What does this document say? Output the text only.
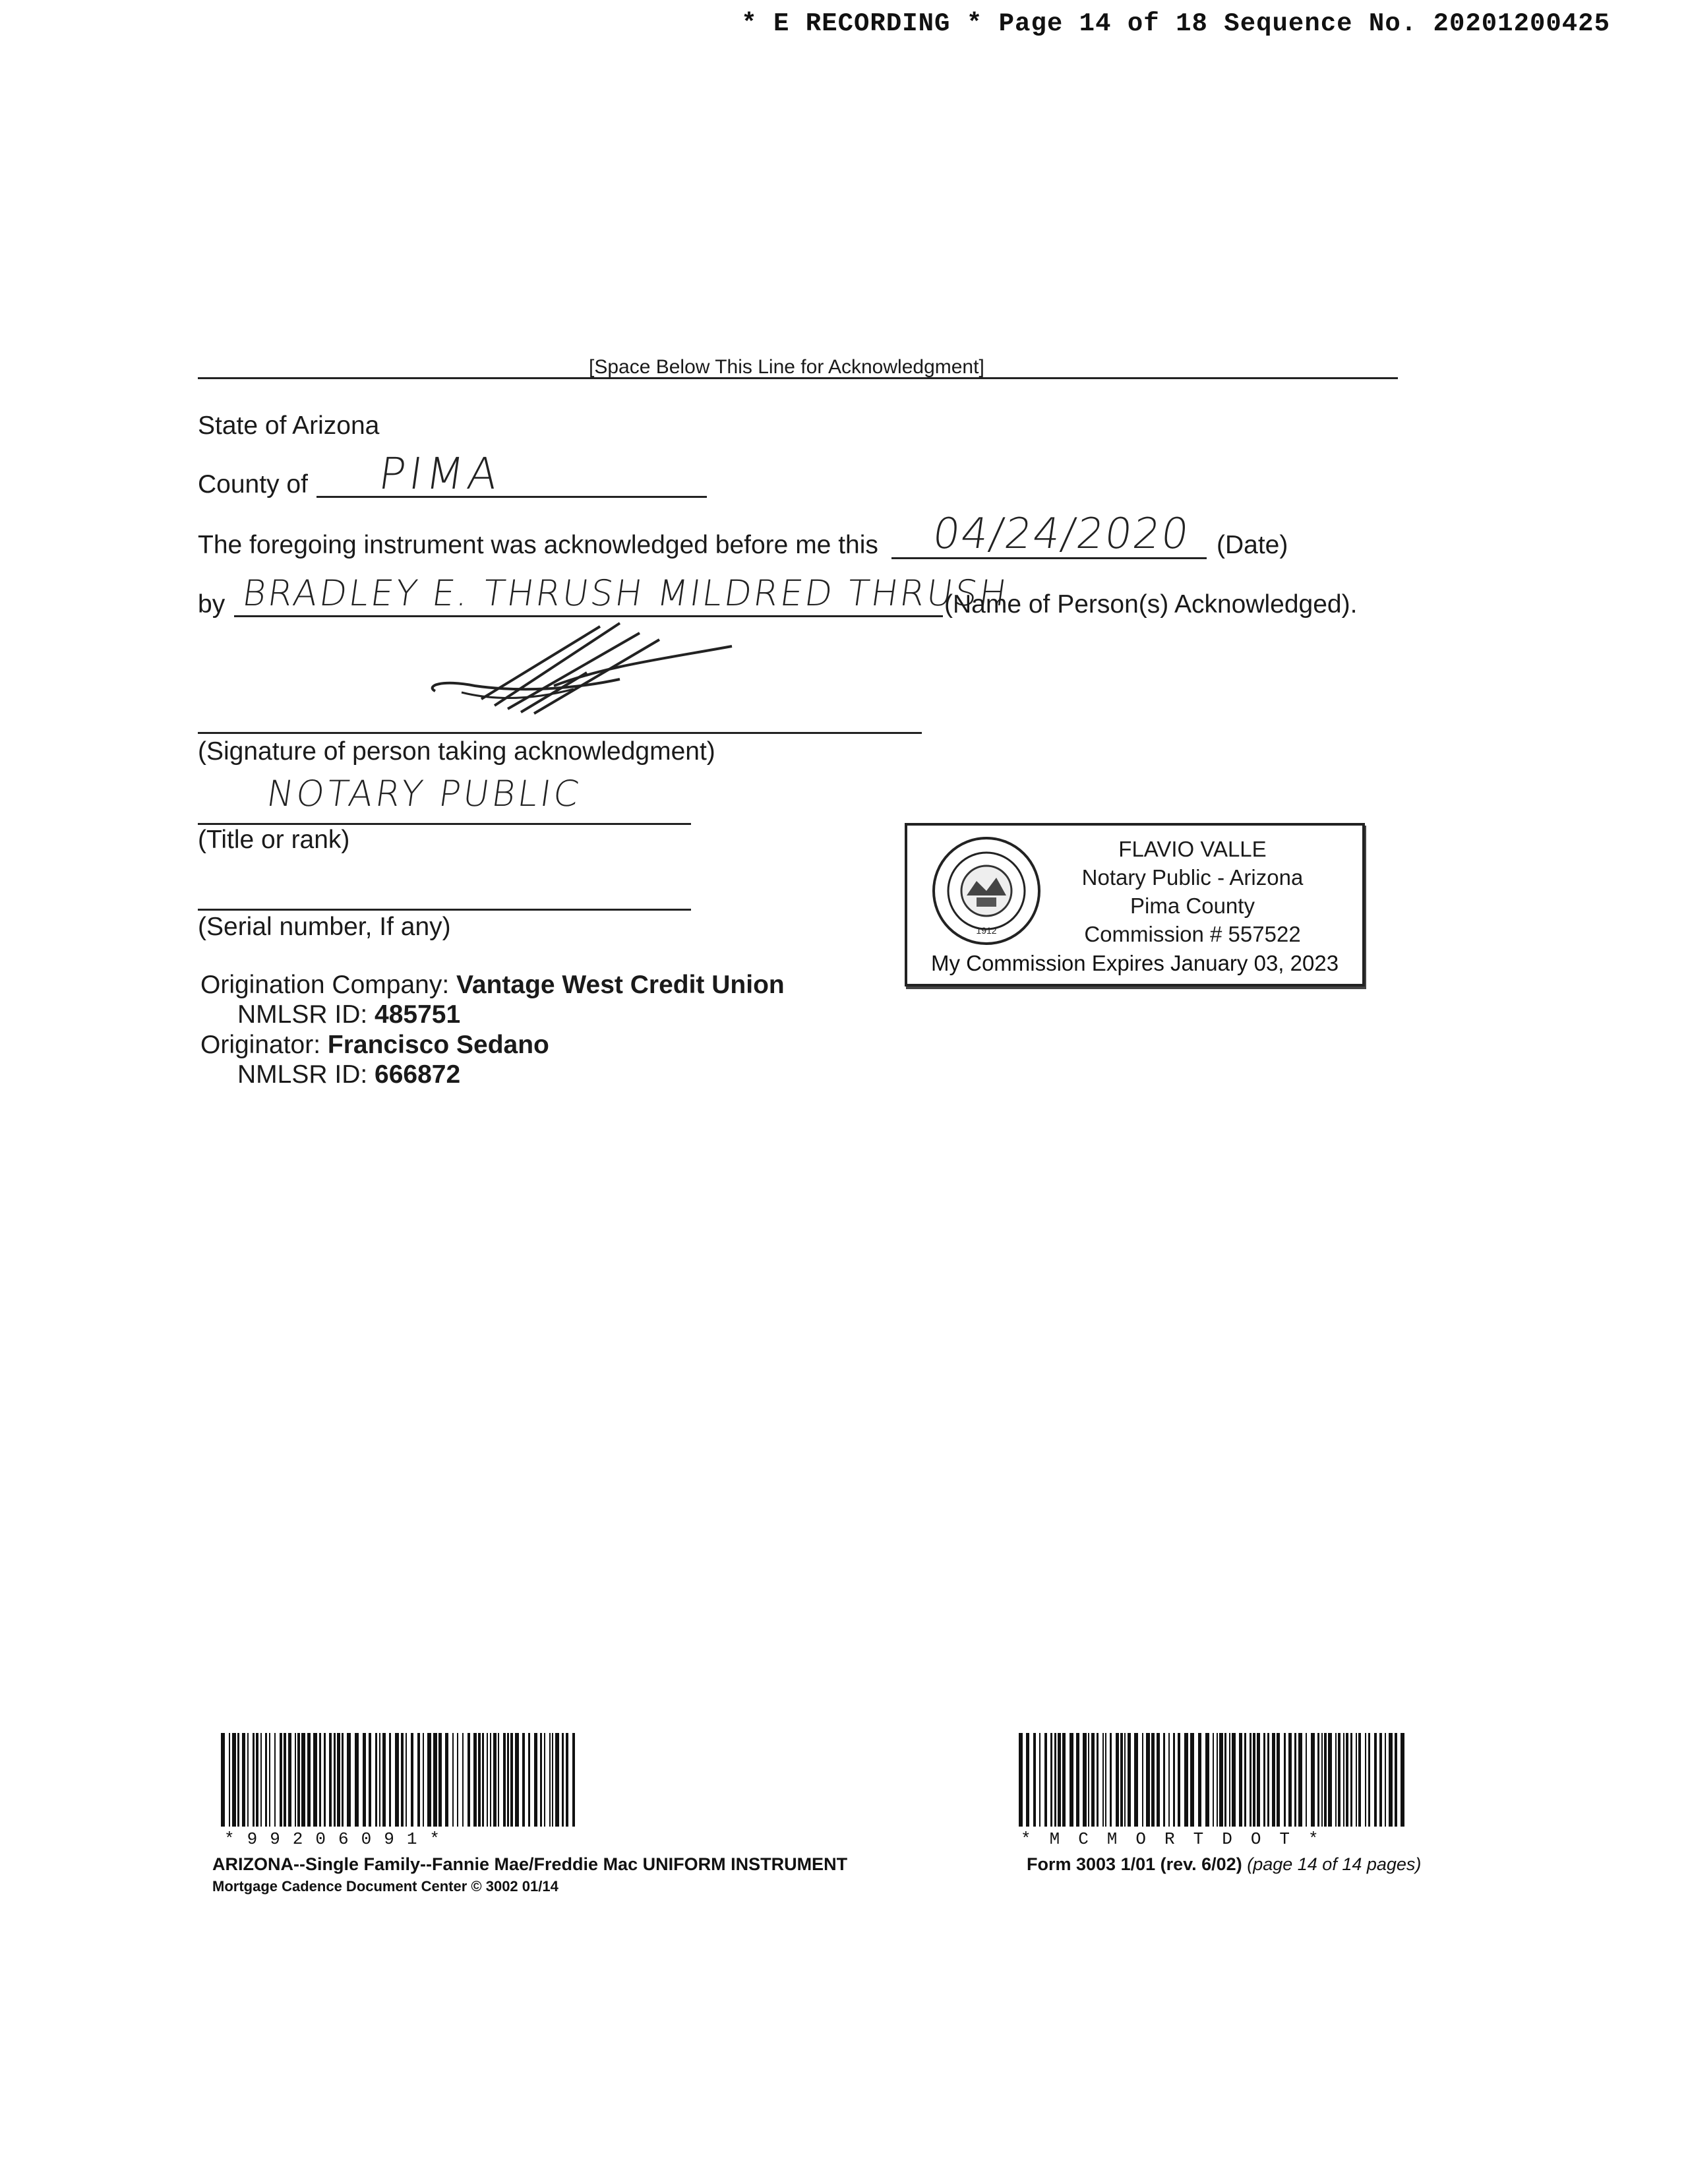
* E RECORDING * Page 14 of 18 Sequence No. 20201200425
[Space Below This Line for Acknowledgment]
State of Arizona
County of PIMA
The foregoing instrument was acknowledged before me this 04/24/2020 (Date)
by BRADLEY E. THRUSH MILDRED THRUSH
(Name of Person(s) Acknowledged).
(Signature of person taking acknowledgment)
NOTARY PUBLIC
(Title or rank)
(Serial number, If any)
Origination Company: Vantage West Credit Union
NMLSR ID: 485751
Originator: Francisco Sedano
NMLSR ID: 666872
1912
FLAVIO VALLE
Notary Public - Arizona
Pima County
Commission # 557522
My Commission Expires January 03, 2023
*99206091*	*MCMORTDOT*
ARIZONA--Single Family--Fannie Mae/Freddie Mac UNIFORM INSTRUMENT
Mortgage Cadence Document Center © 3002 01/14
Form 3003 1/01 (rev. 6/02) (page 14 of 14 pages)
